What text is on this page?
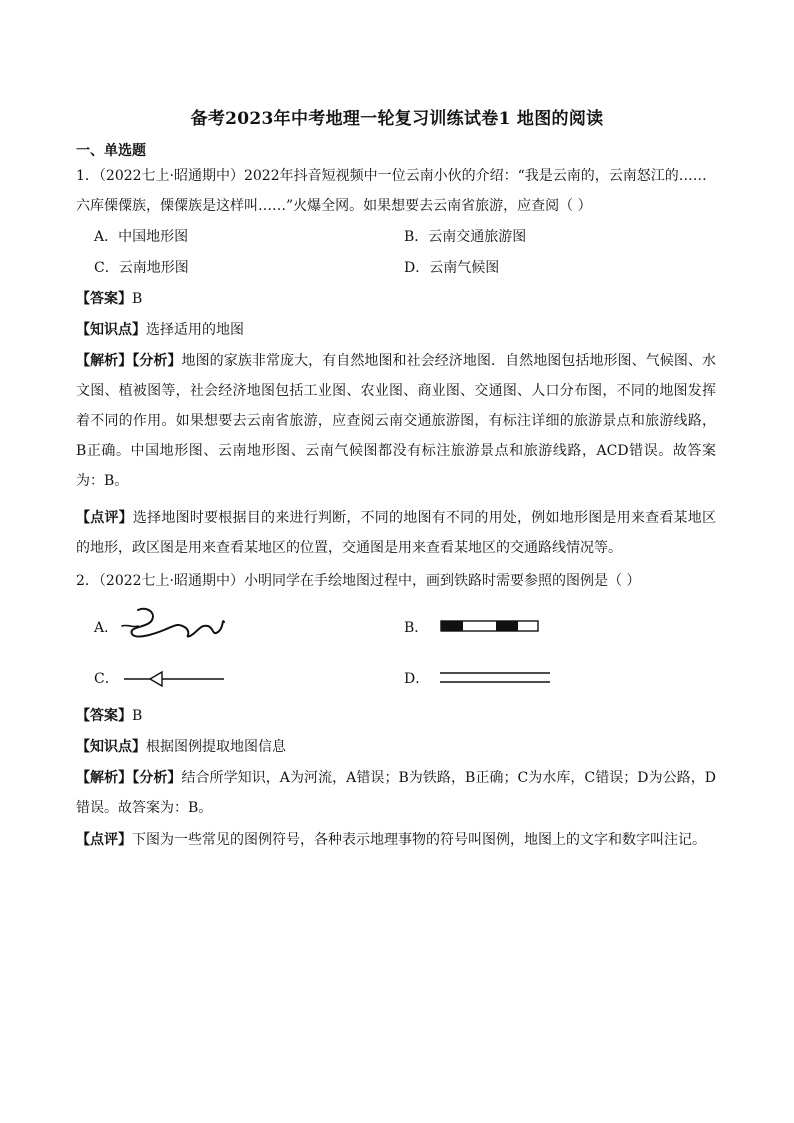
备考2023年中考地理一轮复习训练试卷1 地图的阅读
一、单选题
1．（2022七上·昭通期中）2022年抖音短视频中一位云南小伙的介绍：“我是云南的，云南怒江的……
六库傈僳族，傈僳族是这样叫……”火爆全网。如果想要去云南省旅游，应查阅（ ）
A．中国地形图	B．云南交通旅游图
C．云南地形图	D．云南气候图
【答案】B
【知识点】选择适用的地图
【解析】【分析】地图的家族非常庞大，有自然地图和社会经济地图．自然地图包括地形图、气候图、水文图、植被图等，社会经济地图包括工业图、农业图、商业图、交通图、人口分布图，不同的地图发挥着不同的作用。如果想要去云南省旅游，应查阅云南交通旅游图，有标注详细的旅游景点和旅游线路，B正确。中国地形图、云南地形图、云南气候图都没有标注旅游景点和旅游线路，ACD错误。故答案为：B。
【点评】选择地图时要根据目的来进行判断，不同的地图有不同的用处，例如地形图是用来查看某地区的地形，政区图是用来查看某地区的位置，交通图是用来查看某地区的交通路线情况等。
2．（2022七上·昭通期中）小明同学在手绘地图过程中，画到铁路时需要参照的图例是（ ）
A．	B．
C．	D．
【答案】B
【知识点】根据图例提取地图信息
【解析】【分析】结合所学知识，A为河流，A错误；B为铁路，B正确；C为水库，C错误；D为公路，D错误。故答案为：B。
【点评】下图为一些常见的图例符号，各种表示地理事物的符号叫图例，地图上的文字和数字叫注记。
